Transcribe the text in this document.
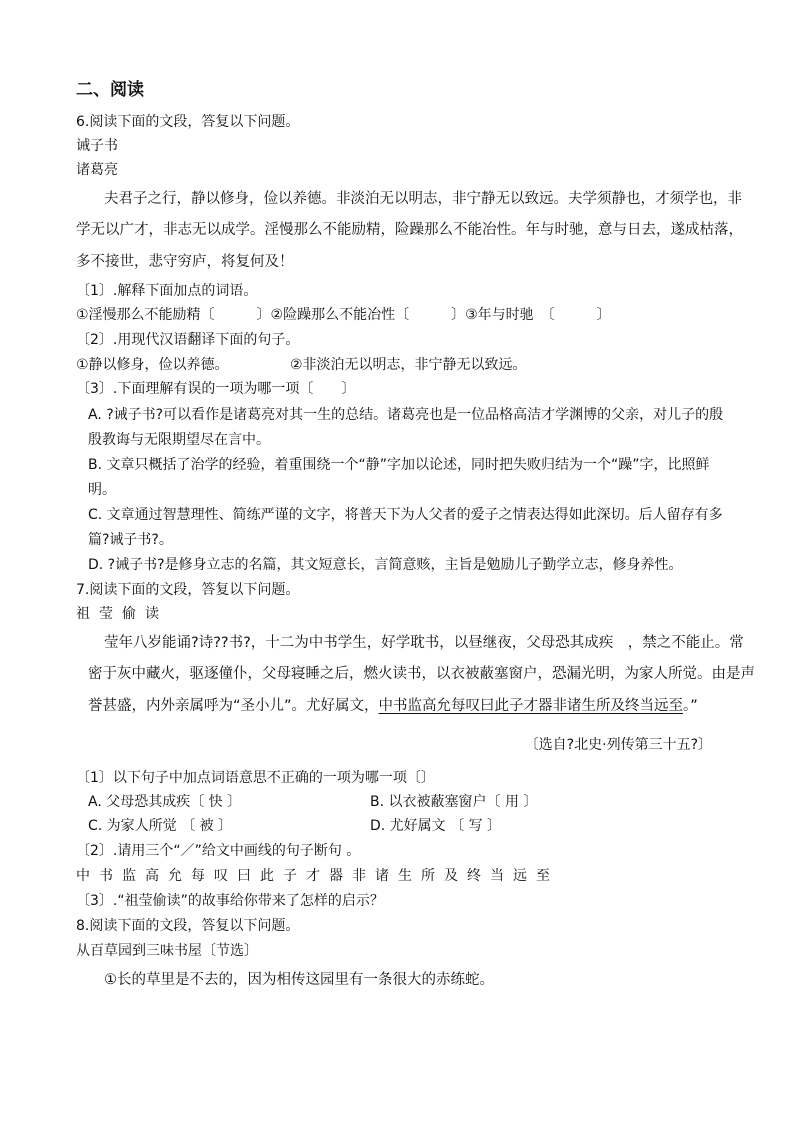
二、阅读
6.阅读下面的文段，答复以下问题。
诫子书
诸葛亮
夫君子之行，静以修身，俭以养德。非淡泊无以明志，非宁静无以致远。夫学须静也，才须学也，非
学无以广才，非志无以成学。淫慢那么不能励精，险躁那么不能冶性。年与时驰，意与日去，遂成枯落，
多不接世，悲守穷庐，将复何及！
〔1〕.解释下面加点的词语。
①淫慢那么不能励精〔　　　〕②险躁那么不能冶性〔　　　〕③年与时驰　〔　　　〕
〔2〕.用现代汉语翻译下面的句子。
①静以修身，俭以养德。	②非淡泊无以明志，非宁静无以致远。
〔3〕.下面理解有误的一项为哪一项〔　　〕
A. ?诫子书?可以看作是诸葛亮对其一生的总结。诸葛亮也是一位品格高洁才学渊博的父亲，对儿子的殷
殷教诲与无限期望尽在言中。
B. 文章只概括了治学的经验，着重围绕一个“静”字加以论述，同时把失败归结为一个“躁”字，比照鲜
明。
C. 文章通过智慧理性、简练严谨的文字，将普天下为人父者的爱子之情表达得如此深切。后人留存有多
篇?诫子书?。
D. ?诫子书?是修身立志的名篇，其文短意长，言简意赅，主旨是勉励儿子勤学立志，修身养性。
7.阅读下面的文段，答复以下问题。
祖莹偷读
莹年八岁能诵?诗??书?，十二为中书学生，好学耽书，以昼继夜，父母恐其成疾　，禁之不能止。常
密于灰中藏火，驱逐僮仆，父母寝睡之后，燃火读书，以衣被蔽塞窗户，恐漏光明，为家人所觉。由是声
誉甚盛，内外亲属呼为“圣小儿”。尤好属文，中书监高允每叹曰此子才器非诸生所及终当远至。”
〔选自?北史·列传第三十五?〕
〔1〕以下句子中加点词语意思不正确的一项为哪一项〔〕
A. 父母恐其成疾〔 快 〕	B. 以衣被蔽塞窗户〔 用 〕
C. 为家人所觉 〔 被 〕	D. 尤好属文 〔 写 〕
〔2〕.请用三个“／”给文中画线的句子断句 。
中书监高允每叹曰此子才器非诸生所及终当远至
〔3〕.“祖莹偷读”的故事给你带来了怎样的启示？
8.阅读下面的文段，答复以下问题。
从百草园到三味书屋〔节选〕
①长的草里是不去的，因为相传这园里有一条很大的赤练蛇。
